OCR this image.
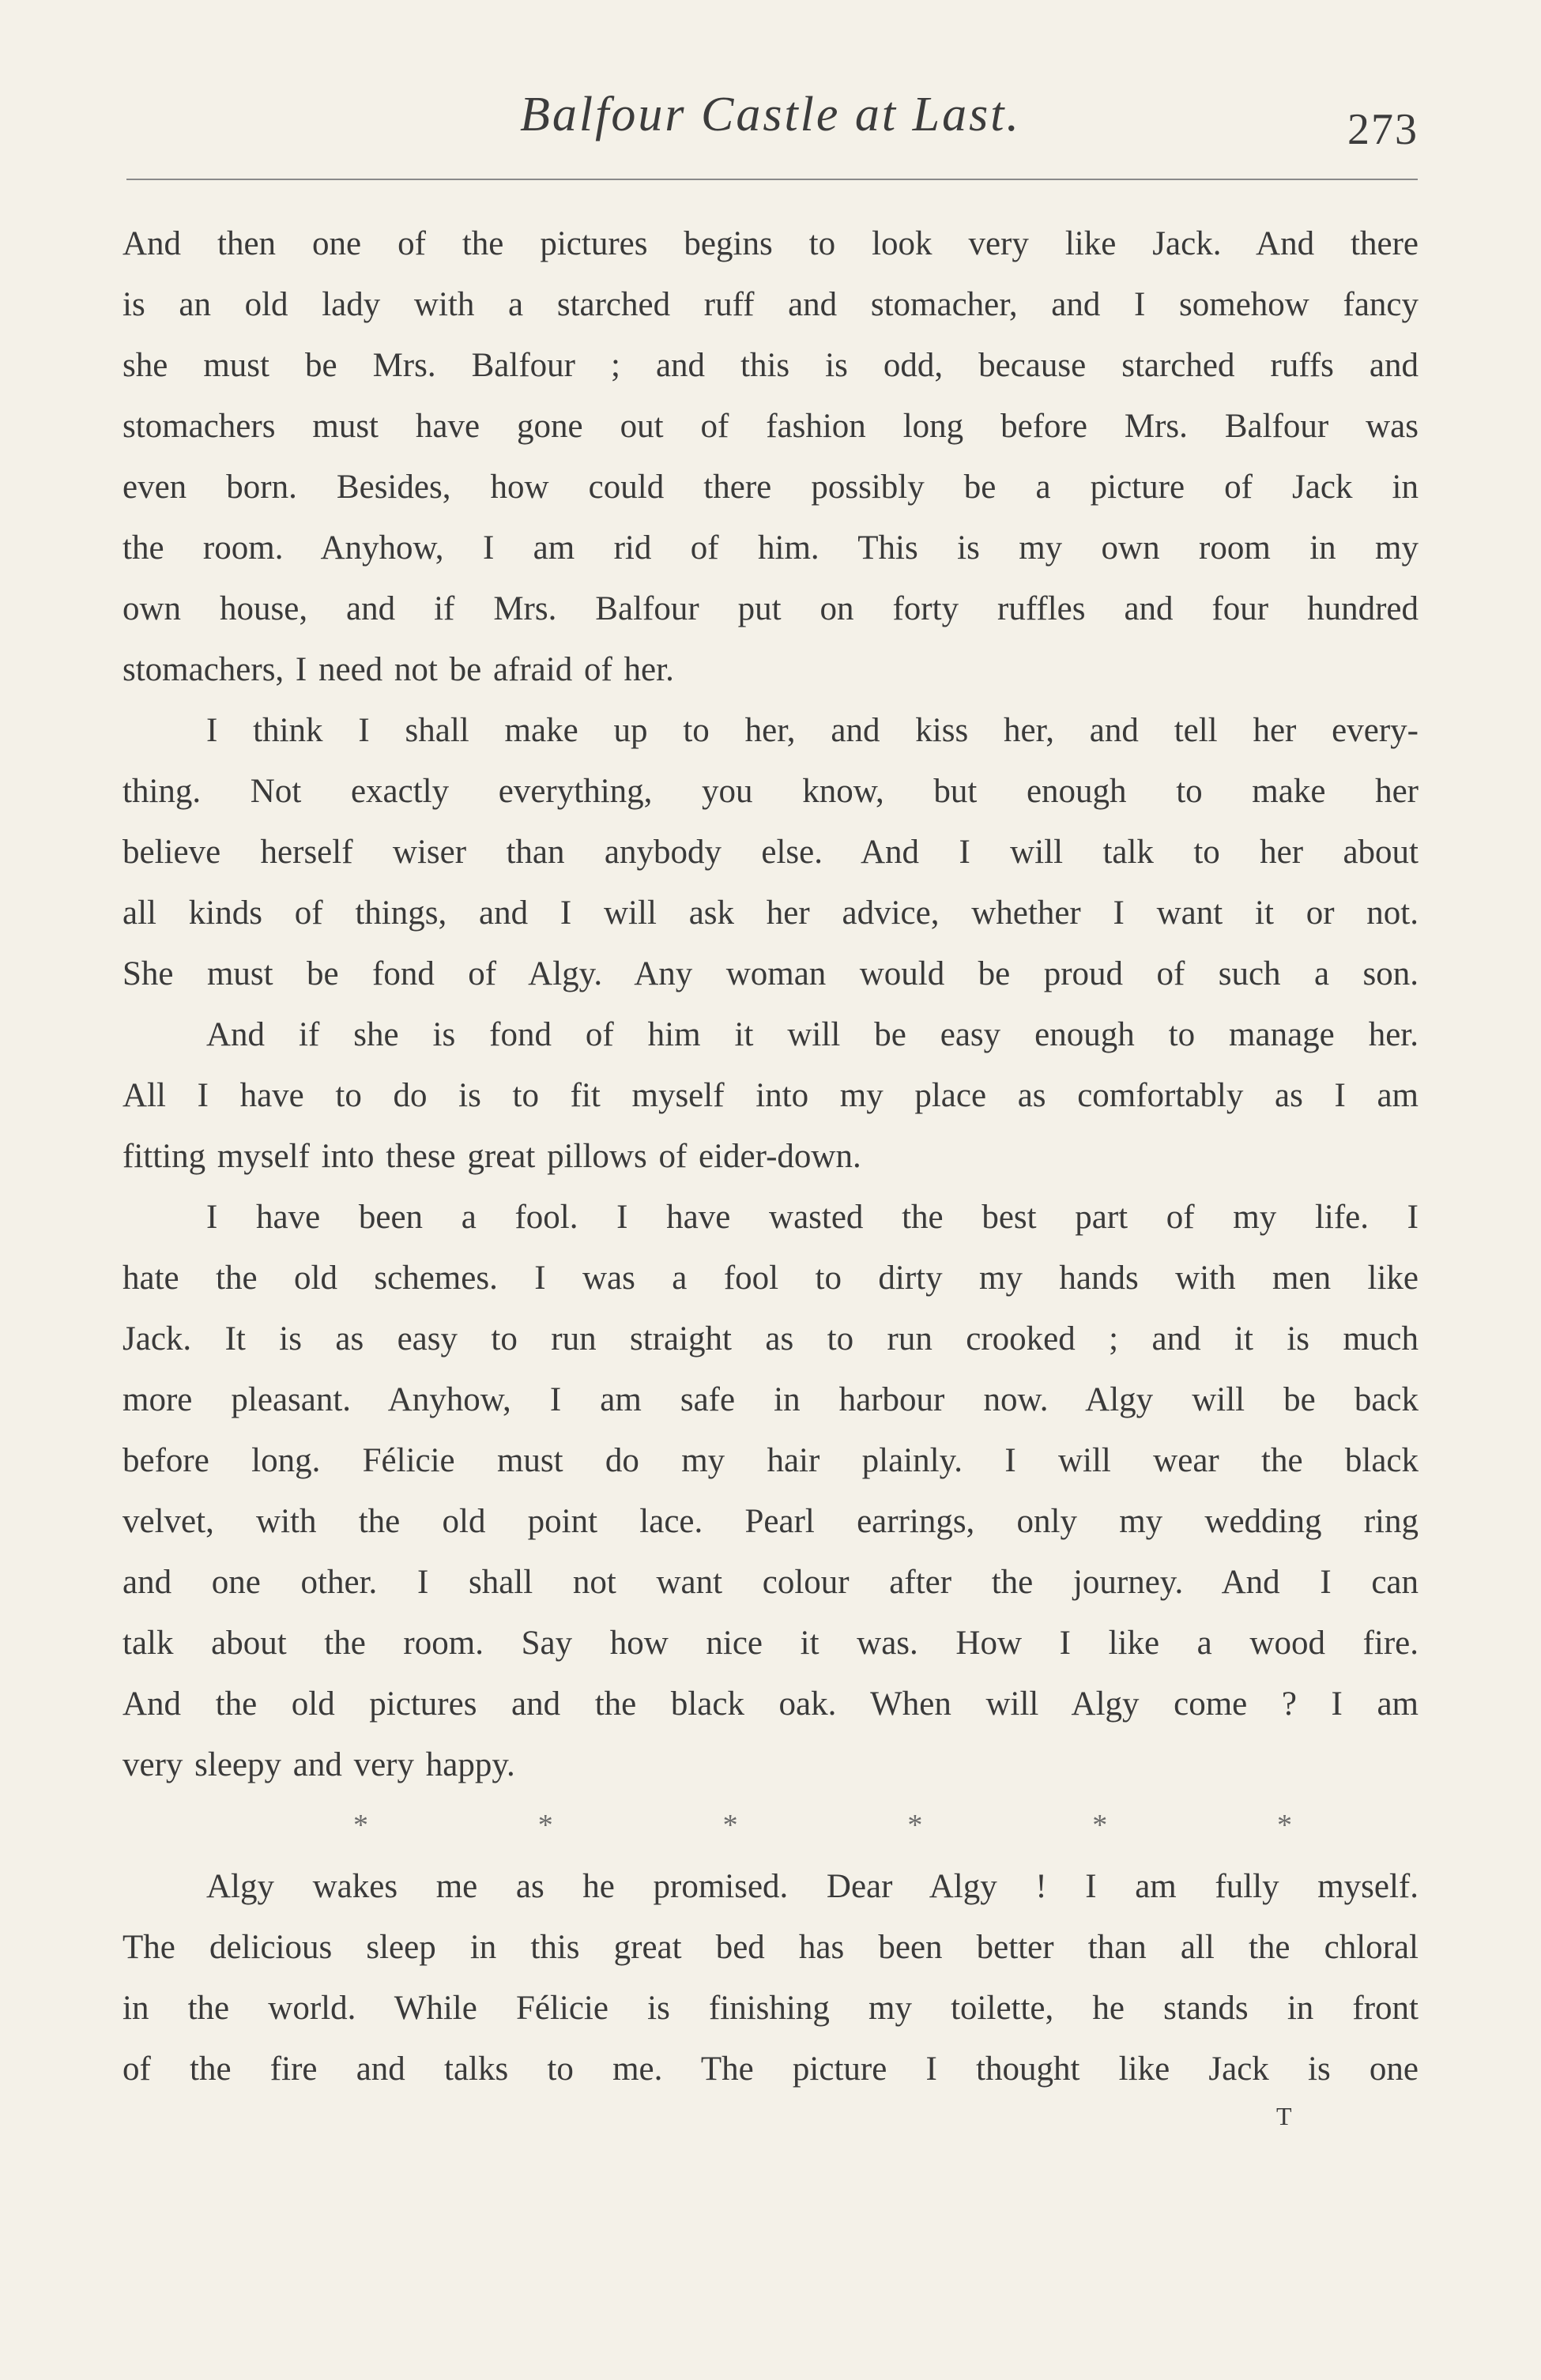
Balfour Castle at Last.	273
And then one of the pictures begins to look very like Jack. And there
is an old lady with a starched ruff and stomacher, and I somehow fancy
she must be Mrs. Balfour ; and this is odd, because starched ruffs and
stomachers must have gone out of fashion long before Mrs. Balfour was
even born. Besides, how could there possibly be a picture of Jack in
the room. Anyhow, I am rid of him. This is my own room in my
own house, and if Mrs. Balfour put on forty ruffles and four hundred
stomachers, I need not be afraid of her.
I think I shall make up to her, and kiss her, and tell her every-
thing. Not exactly everything, you know, but enough to make her
believe herself wiser than anybody else. And I will talk to her about
all kinds of things, and I will ask her advice, whether I want it or not.
She must be fond of Algy. Any woman would be proud of such a son.
And if she is fond of him it will be easy enough to manage her.
All I have to do is to fit myself into my place as comfortably as I am
fitting myself into these great pillows of eider-down.
I have been a fool. I have wasted the best part of my life. I
hate the old schemes. I was a fool to dirty my hands with men like
Jack. It is as easy to run straight as to run crooked ; and it is much
more pleasant. Anyhow, I am safe in harbour now. Algy will be back
before long. Félicie must do my hair plainly. I will wear the black
velvet, with the old point lace. Pearl earrings, only my wedding ring
and one other. I shall not want colour after the journey. And I can
talk about the room. Say how nice it was. How I like a wood fire.
And the old pictures and the black oak. When will Algy come ? I am
very sleepy and very happy.
*	*	*	*	*	*
Algy wakes me as he promised. Dear Algy ! I am fully myself.
The delicious sleep in this great bed has been better than all the chloral
in the world. While Félicie is finishing my toilette, he stands in front
of the fire and talks to me. The picture I thought like Jack is one
T
